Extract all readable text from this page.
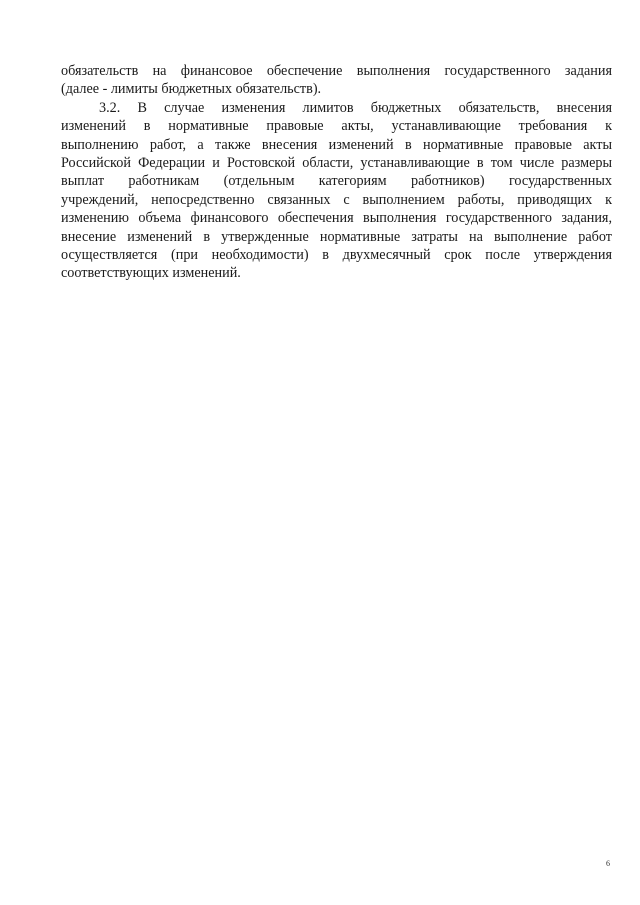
обязательств на финансовое обеспечение выполнения государственного задания
(далее - лимиты бюджетных обязательств).
3.2. В случае изменения лимитов бюджетных обязательств, внесения
изменений в нормативные правовые акты, устанавливающие требования к
выполнению работ, а также внесения изменений в нормативные правовые акты
Российской Федерации и Ростовской области, устанавливающие в том числе размеры
выплат работникам (отдельным категориям работников) государственных
учреждений, непосредственно связанных с выполнением работы, приводящих к
изменению объема финансового обеспечения выполнения государственного задания,
внесение изменений в утвержденные нормативные затраты на выполнение работ
осуществляется (при необходимости) в двухмесячный срок после утверждения
соответствующих изменений.
6
